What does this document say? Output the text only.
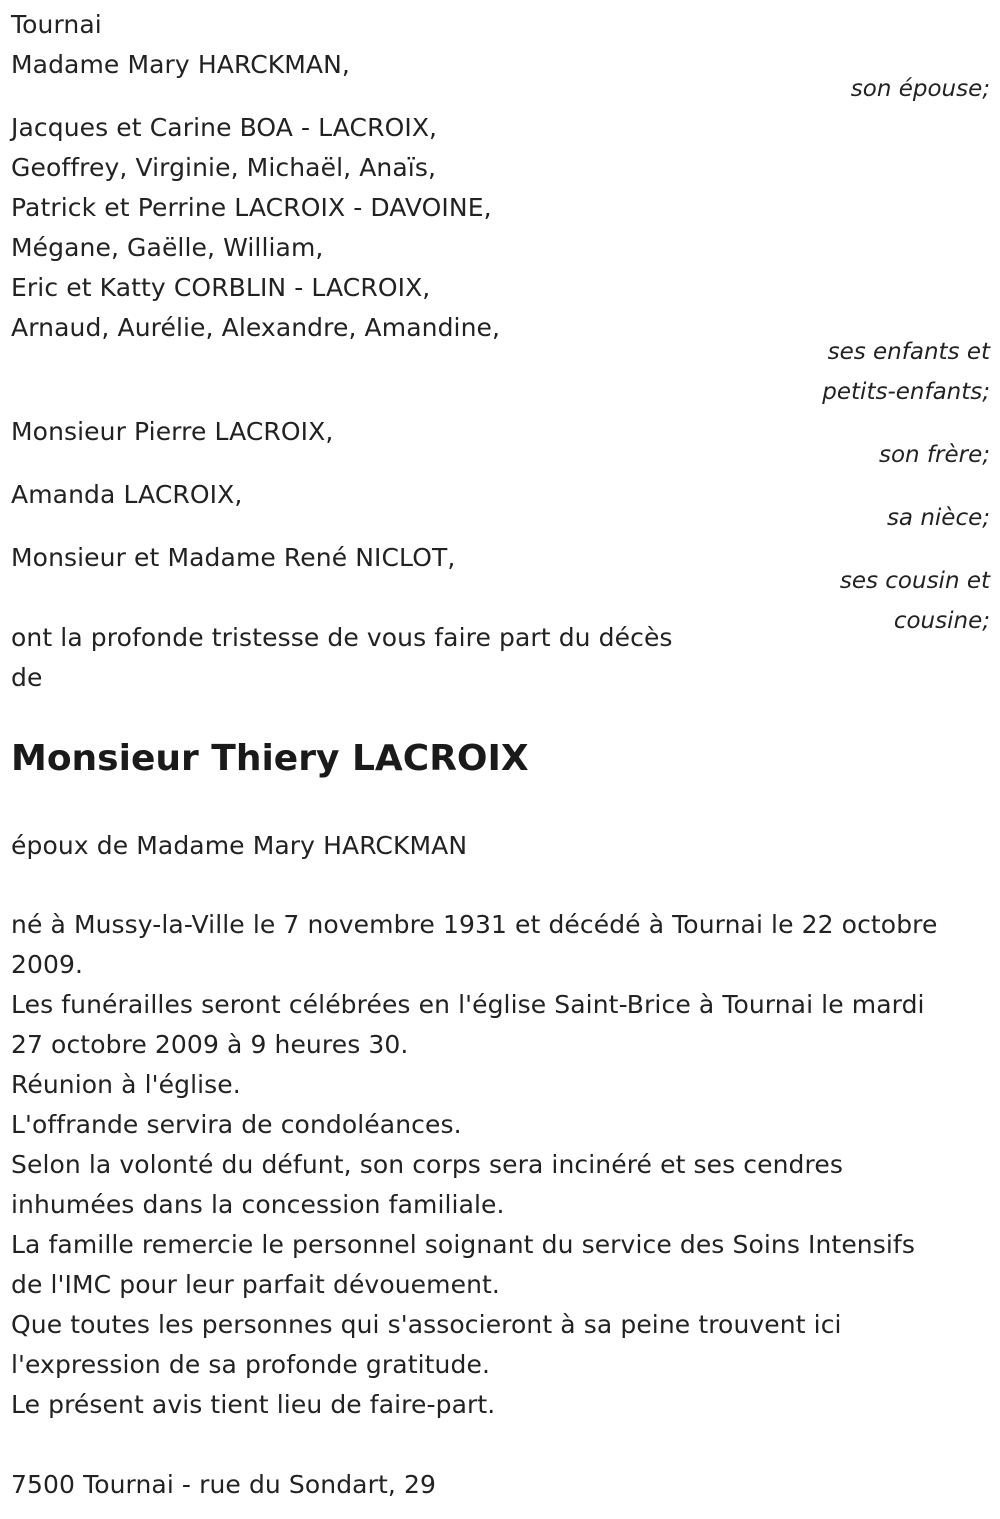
Tournai
Madame Mary HARCKMAN,
son épouse;
Jacques et Carine BOA - LACROIX,
Geoffrey, Virginie, Michaël, Anaïs,
Patrick et Perrine LACROIX - DAVOINE,
Mégane, Gaëlle, William,
Eric et Katty CORBLIN - LACROIX,
Arnaud, Aurélie, Alexandre, Amandine,
ses enfants et
petits-enfants;
Monsieur Pierre LACROIX,
son frère;
Amanda LACROIX,
sa nièce;
Monsieur et Madame René NICLOT,
ses cousin et
cousine;
ont la profonde tristesse de vous faire part du décès
de
Monsieur Thiery LACROIX
époux de Madame Mary HARCKMAN
né à Mussy-la-Ville le 7 novembre 1931 et décédé à Tournai le 22 octobre
2009.
Les funérailles seront célébrées en l'église Saint-Brice à Tournai le mardi
27 octobre 2009 à 9 heures 30.
Réunion à l'église.
L'offrande servira de condoléances.
Selon la volonté du défunt, son corps sera incinéré et ses cendres
inhumées dans la concession familiale.
La famille remercie le personnel soignant du service des Soins Intensifs
de l'IMC pour leur parfait dévouement.
Que toutes les personnes qui s'associeront à sa peine trouvent ici
l'expression de sa profonde gratitude.
Le présent avis tient lieu de faire-part.
7500 Tournai - rue du Sondart, 29
